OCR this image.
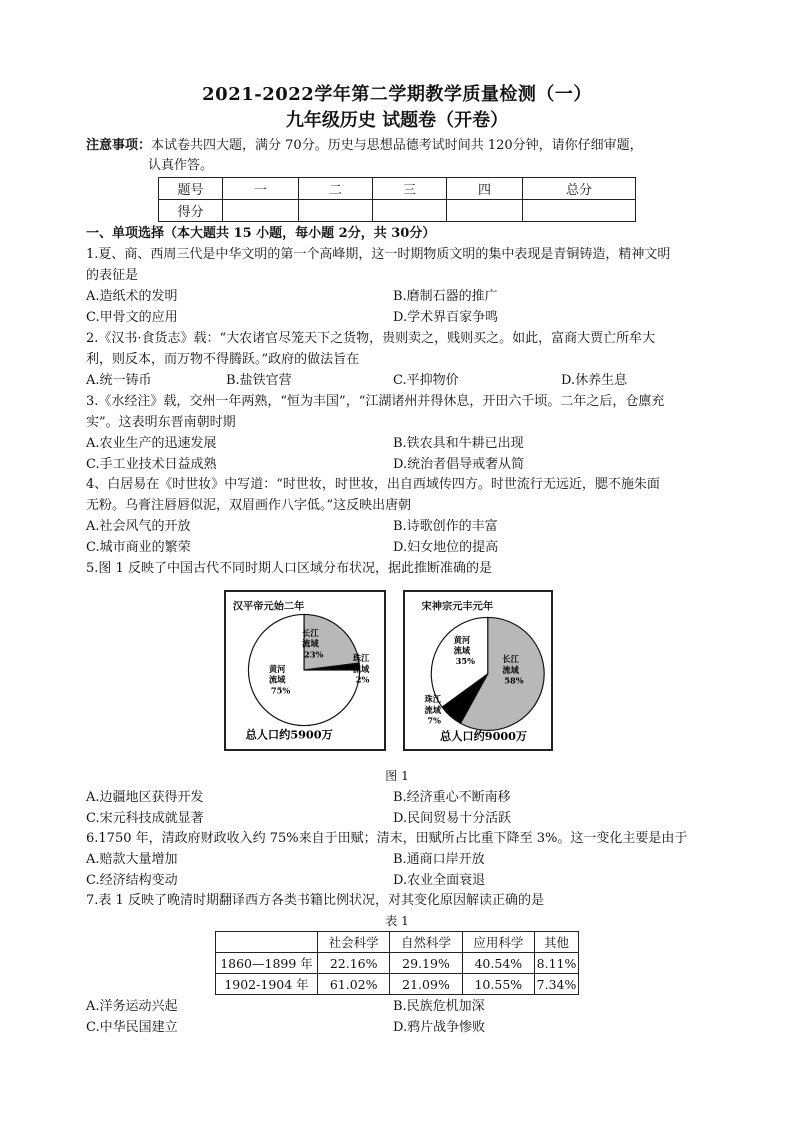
2021-2022学年第二学期教学质量检测（一）
九年级历史 试题卷（开卷）
注意事项：本试卷共四大题，满分 70分。历史与思想品德考试时间共 120分钟，请你仔细审题，
认真作答。
题号	一	二	三	四	总分
得分					
一、单项选择（本大题共 15 小题，每小题 2分，共 30分）
1.夏、商、西周三代是中华文明的第一个高峰期，这一时期物质文明的集中表现是青铜铸造，精神文明
的表征是
A.造纸术的发明	B.磨制石器的推广
C.甲骨文的应用	D.学术界百家争鸣
2.《汉书·食货志》载：“大农诸官尽笼天下之货物，贵则卖之，贱则买之。如此，富商大贾亡所牟大
利，则反本，而万物不得腾跃。”政府的做法旨在
A.统一铸币	B.盐铁官营	C.平抑物价	D.休养生息
3.《水经注》载，交州一年两熟，“恒为丰国”，“江湖诸州并得休息，开田六千顷。二年之后，仓廪充
实”。这表明东晋南朝时期
A.农业生产的迅速发展	B.铁农具和牛耕已出现
C.手工业技术日益成熟	D.统治者倡导戒奢从简
4、白居易在《时世妆》中写道：“时世妆，时世妆，出自西域传四方。时世流行无远近，腮不施朱面
无粉。乌膏注唇唇似泥，双眉画作八字低。”这反映出唐朝
A.社会风气的开放	B.诗歌创作的丰富
C.城市商业的繁荣	D.妇女地位的提高
5.图 1 反映了中国古代不同时期人口区域分布状况，据此推断准确的是
汉平帝元始二年
长江
流域
23%	珠江
流域
2%
黄河
流域
75%
总人口约5900万
宋神宗元丰元年
黄河
流域
35%	长江
流域
58%
珠江
流域
7%
总人口约9000万
图 1
A.边疆地区获得开发	B.经济重心不断南移
C.宋元科技成就显著	D.民间贸易十分活跃
6.1750 年，清政府财政收入约 75%来自于田赋；清末，田赋所占比重下降至 3%。这一变化主要是由于
A.赔款大量增加	B.通商口岸开放
C.经济结构变动	D.农业全面衰退
7.表 1 反映了晚清时期翻译西方各类书籍比例状况，对其变化原因解读正确的是
表 1
	社会科学	自然科学	应用科学	其他
1860—1899 年	22.16%	29.19%	40.54%	8.11%
1902-1904 年	61.02%	21.09%	10.55%	7.34%
A.洋务运动兴起	B.民族危机加深
C.中华民国建立	D.鸦片战争惨败
